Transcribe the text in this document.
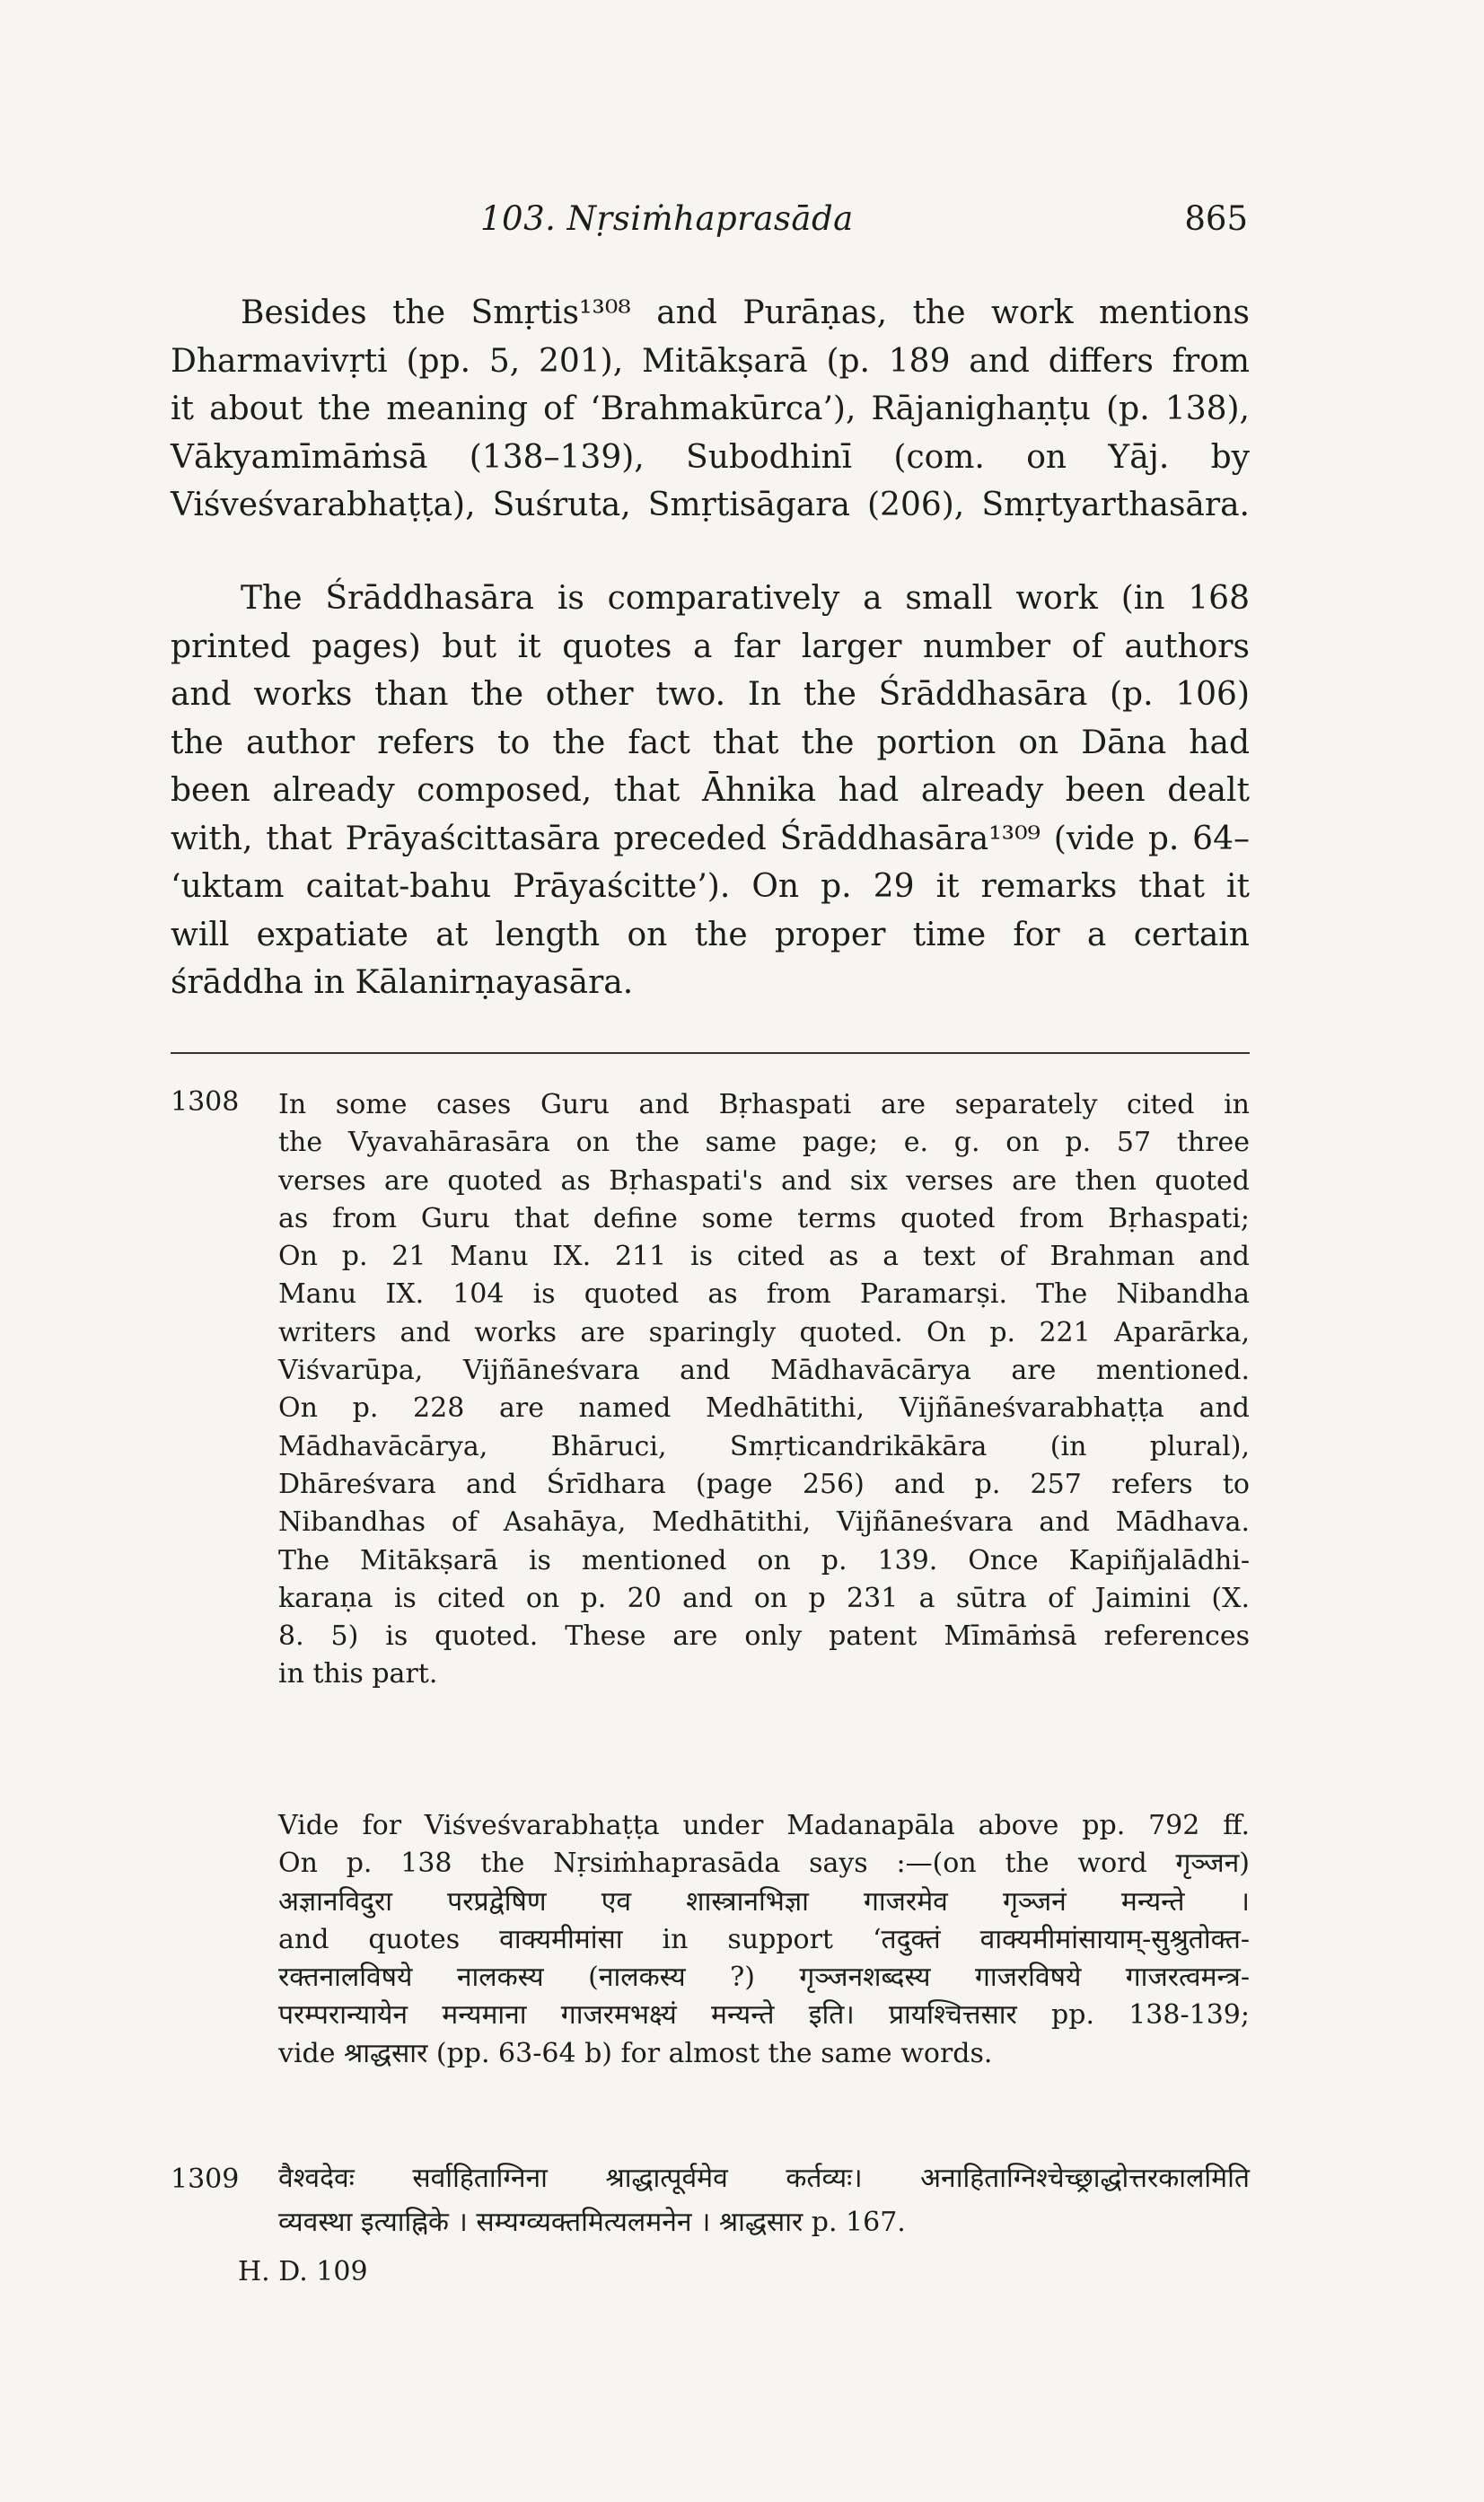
103. Nṛsiṁhaprasāda	865
Besides the Smṛtis¹³⁰⁸ and Purāṇas, the work mentions
Dharmavivṛti (pp. 5, 201), Mitākṣarā (p. 189 and differs from
it about the meaning of ‘Brahmakūrca’), Rājanighaṇṭu (p. 138),
Vākyamīmāṁsā (138–139), Subodhinī (com. on Yāj. by
Viśveśvarabhaṭṭa), Suśruta, Smṛtisāgara (206), Smṛtyarthasāra.
The Śrāddhasāra is comparatively a small work (in 168
printed pages) but it quotes a far larger number of authors
and works than the other two. In the Śrāddhasāra (p. 106)
the author refers to the fact that the portion on Dāna had
been already composed, that Āhnika had already been dealt
with, that Prāyaścittasāra preceded Śrāddhasāra¹³⁰⁹ (vide p. 64–
‘uktam caitat-bahu Prāyaścitte’). On p. 29 it remarks that it
will expatiate at length on the proper time for a certain
śrāddha in Kālanirṇayasāra.
1308 In some cases Guru and Bṛhaspati are separately cited in
the Vyavahārasāra on the same page; e. g. on p. 57 three
verses are quoted as Bṛhaspati's and six verses are then quoted
as from Guru that define some terms quoted from Bṛhaspati;
On p. 21 Manu IX. 211 is cited as a text of Brahman and
Manu IX. 104 is quoted as from Paramarṣi. The Nibandha
writers and works are sparingly quoted. On p. 221 Aparārka,
Viśvarūpa, Vijñāneśvara and Mādhavācārya are mentioned.
On p. 228 are named Medhātithi, Vijñāneśvarabhaṭṭa and
Mādhavācārya, Bhāruci, Smṛticandrikākāra (in plural),
Dhāreśvara and Śrīdhara (page 256) and p. 257 refers to
Nibandhas of Asahāya, Medhātithi, Vijñāneśvara and Mādhava.
The Mitākṣarā is mentioned on p. 139. Once Kapiñjalādhi-
karaṇa is cited on p. 20 and on p 231 a sūtra of Jaimini (X.
8. 5) is quoted. These are only patent Mīmāṁsā references
in this part.
Vide for Viśveśvarabhaṭṭa under Madanapāla above pp. 792 ff.
On p. 138 the Nṛsiṁhaprasāda says :—(on the word गृञ्जन)
अज्ञानविदुरा परप्रद्वेषिण एव शास्त्रानभिज्ञा गाजरमेव गृञ्जनं मन्यन्ते ।
and quotes वाक्यमीमांसा in support ‘तदुक्तं वाक्यमीमांसायाम्-सुश्रुतोक्त-
रक्तनालविषये नालकस्य (नालकस्य ?) गृञ्जनशब्दस्य गाजरविषये गाजरत्वमन्त्र-
परम्परान्यायेन मन्यमाना गाजरमभक्ष्यं मन्यन्ते इति। प्रायश्चित्तसार pp. 138-139;
vide श्राद्धसार (pp. 63-64 b) for almost the same words.
1309 वैश्वदेवः सर्वाहिताग्निना श्राद्धात्पूर्वमेव कर्तव्यः। अनाहिताग्निश्चेच्छ्राद्धोत्तरकालमिति
व्यवस्था इत्याह्निके । सम्यग्व्यक्तमित्यलमनेन । श्राद्धसार p. 167.
H. D. 109
